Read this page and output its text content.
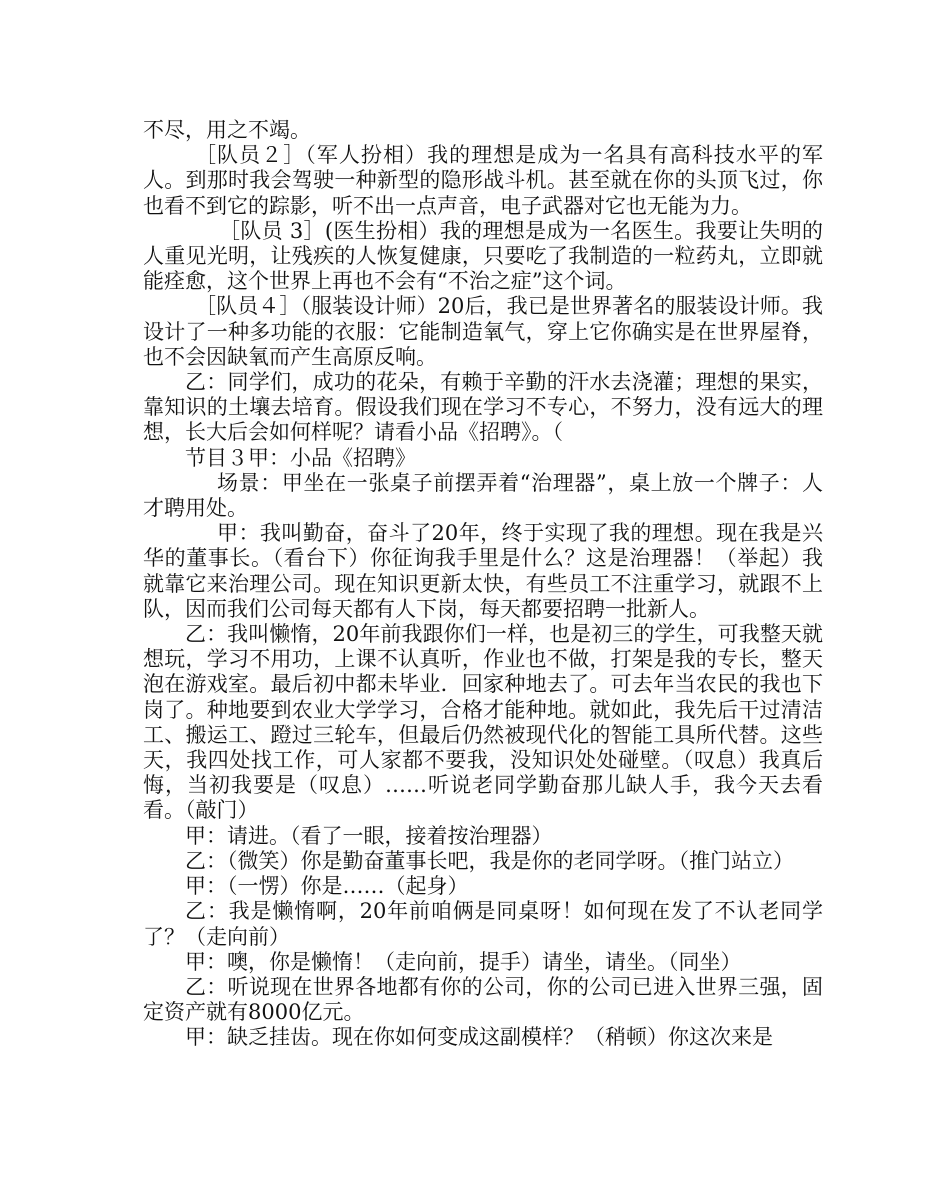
不尽，用之不竭。

［队员２］（军人扮相）我的理想是成为一名具有高科技水平的军人。到那时我会驾驶一种新型的隐形战斗机。甚至就在你的头顶飞过，你也看不到它的踪影，听不出一点声音，电子武器对它也无能为力。

［队员 3］(医生扮相）我的理想是成为一名医生。我要让失明的人重见光明，让残疾的人恢复健康，只要吃了我制造的一粒药丸，立即就能痊愈，这个世界上再也不会有“不治之症”这个词。

［队员４］（服装设计师）20后，我已是世界著名的服装设计师。我设计了一种多功能的衣服：它能制造氧气，穿上它你确实是在世界屋脊，也不会因缺氧而产生高原反响。

乙：同学们，成功的花朵，有赖于辛勤的汗水去浇灌；理想的果实，靠知识的土壤去培育。假设我们现在学习不专心，不努力，没有远大的理想，长大后会如何样呢？请看小品《招聘》。（

节目３甲：小品《招聘》

场景：甲坐在一张桌子前摆弄着“治理器”，桌上放一个牌子：人才聘用处。

甲：我叫勤奋，奋斗了20年，终于实现了我的理想。现在我是兴华的董事长。（看台下）你征询我手里是什么？这是治理器！（举起）我就靠它来治理公司。现在知识更新太快，有些员工不注重学习，就跟不上队，因而我们公司每天都有人下岗，每天都要招聘一批新人。

乙：我叫懒惰，20年前我跟你们一样，也是初三的学生，可我整天就想玩，学习不用功，上课不认真听，作业也不做，打架是我的专长，整天泡在游戏室。最后初中都未毕业．回家种地去了。可去年当农民的我也下岗了。种地要到农业大学学习，合格才能种地。就如此，我先后干过清洁工、搬运工、蹬过三轮车，但最后仍然被现代化的智能工具所代替。这些天，我四处找工作，可人家都不要我，没知识处处碰壁。（叹息）我真后悔，当初我要是（叹息）……听说老同学勤奋那儿缺人手，我今天去看看。（敲门）

甲：请进。（看了一眼，接着按治理器）

乙：（微笑）你是勤奋董事长吧，我是你的老同学呀。（推门站立）

甲：（一愣）你是……（起身）

乙：我是懒惰啊，20年前咱俩是同桌呀！如何现在发了不认老同学了？（走向前）

甲：噢，你是懒惰！（走向前，提手）请坐，请坐。（同坐）

乙：听说现在世界各地都有你的公司，你的公司已进入世界三强，固定资产就有8000亿元。

甲：缺乏挂齿。现在你如何变成这副模样？（稍顿）你这次来是
